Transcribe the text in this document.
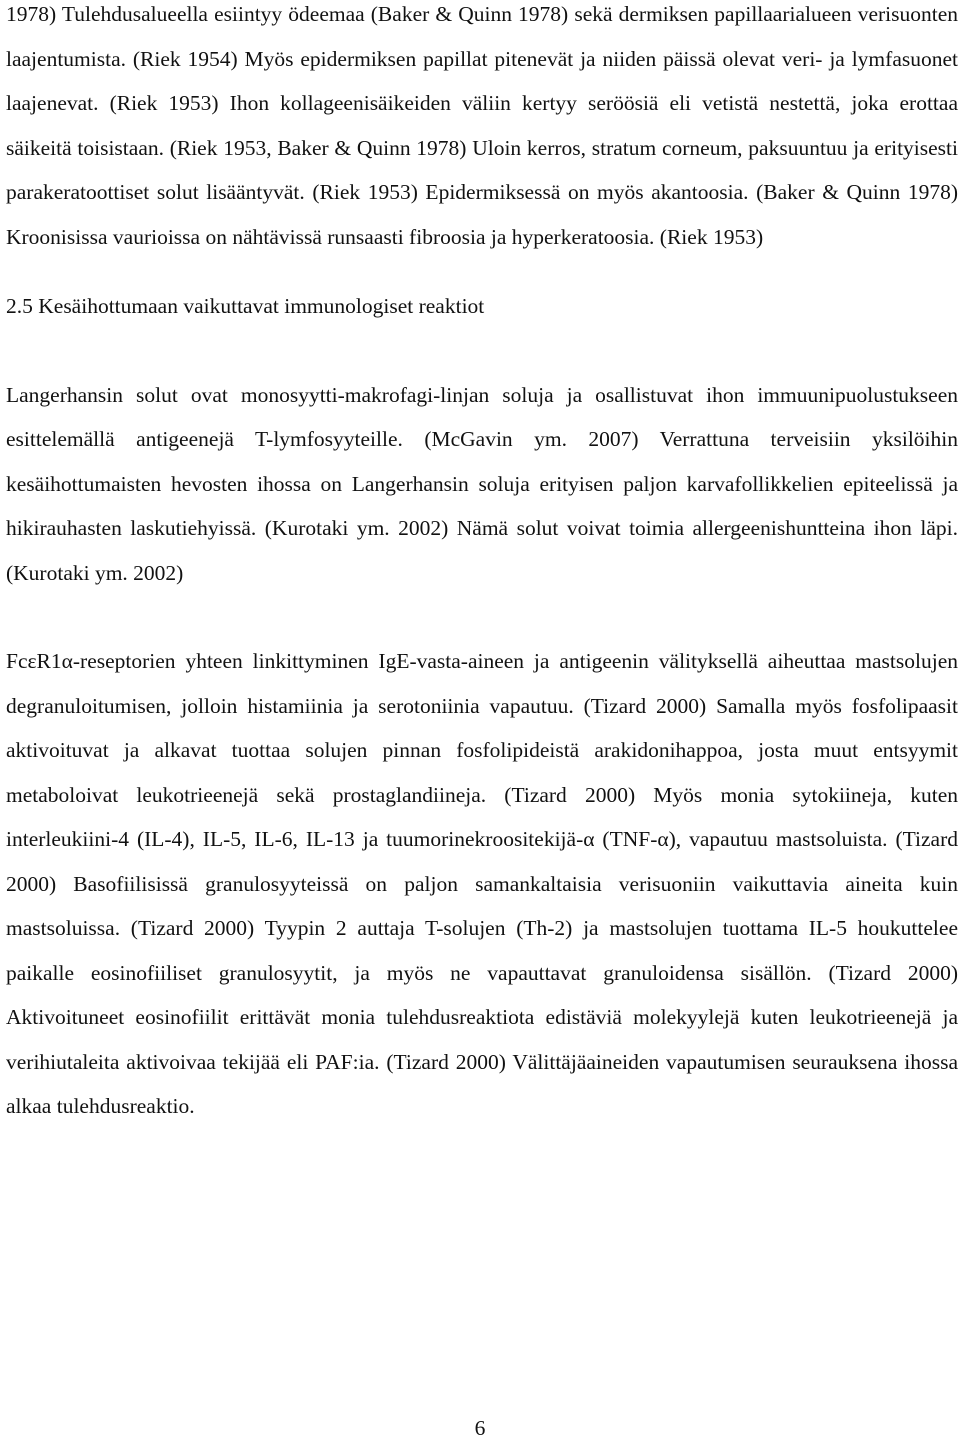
1978) Tulehdusalueella esiintyy ödeemaa (Baker & Quinn 1978) sekä dermiksen papillaarialueen verisuonten laajentumista. (Riek 1954) Myös epidermiksen papillat pitenevät ja niiden päissä olevat veri- ja lymfasuonet laajenevat. (Riek 1953) Ihon kollageenisäikeiden väliin kertyy seröösiä eli vetistä nestettä, joka erottaa säikeitä toisistaan. (Riek 1953, Baker & Quinn 1978) Uloin kerros, stratum corneum, paksuuntuu ja erityisesti parakeratoottiset solut lisääntyvät. (Riek 1953) Epidermiksessä on myös akantoosia. (Baker & Quinn 1978) Kroonisissa vaurioissa on nähtävissä runsaasti fibroosia ja hyperkeratoosia. (Riek 1953)

2.5 Kesäihottumaan vaikuttavat immunologiset reaktiot

Langerhansin solut ovat monosyytti-makrofagi-linjan soluja ja osallistuvat ihon immuunipuolustukseen esittelemällä antigeenejä T-lymfosyyteille. (McGavin ym. 2007) Verrattuna terveisiin yksilöihin kesäihottumaisten hevosten ihossa on Langerhansin soluja erityisen paljon karvafollikkelien epiteelissä ja hikirauhasten laskutiehyissä. (Kurotaki ym. 2002) Nämä solut voivat toimia allergeenishuntteina ihon läpi. (Kurotaki ym. 2002)

FcεR1α-reseptorien yhteen linkittyminen IgE-vasta-aineen ja antigeenin välityksellä aiheuttaa mastsolujen degranuloitumisen, jolloin histamiinia ja serotoniinia vapautuu. (Tizard 2000) Samalla myös fosfolipaasit aktivoituvat ja alkavat tuottaa solujen pinnan fosfolipideistä arakidonihappoa, josta muut entsyymit metaboloivat leukotrieenejä sekä prostaglandiineja. (Tizard 2000) Myös monia sytokiineja, kuten interleukiini-4 (IL-4), IL-5, IL-6, IL-13 ja tuumorinekroositekijä-α (TNF-α), vapautuu mastsoluista. (Tizard 2000) Basofiilisissä granulosyyteissä on paljon samankaltaisia verisuoniin vaikuttavia aineita kuin mastsoluissa. (Tizard 2000) Tyypin 2 auttaja T-solujen (Th-2) ja mastsolujen tuottama IL-5 houkuttelee paikalle eosinofiiliset granulosyytit, ja myös ne vapauttavat granuloidensa sisällön. (Tizard 2000) Aktivoituneet eosinofiilit erittävät monia tulehdusreaktiota edistäviä molekyylejä kuten leukotrieenejä ja verihiutaleita aktivoivaa tekijää eli PAF:ia. (Tizard 2000) Välittäjäaineiden vapautumisen seurauksena ihossa alkaa tulehdusreaktio.

6
